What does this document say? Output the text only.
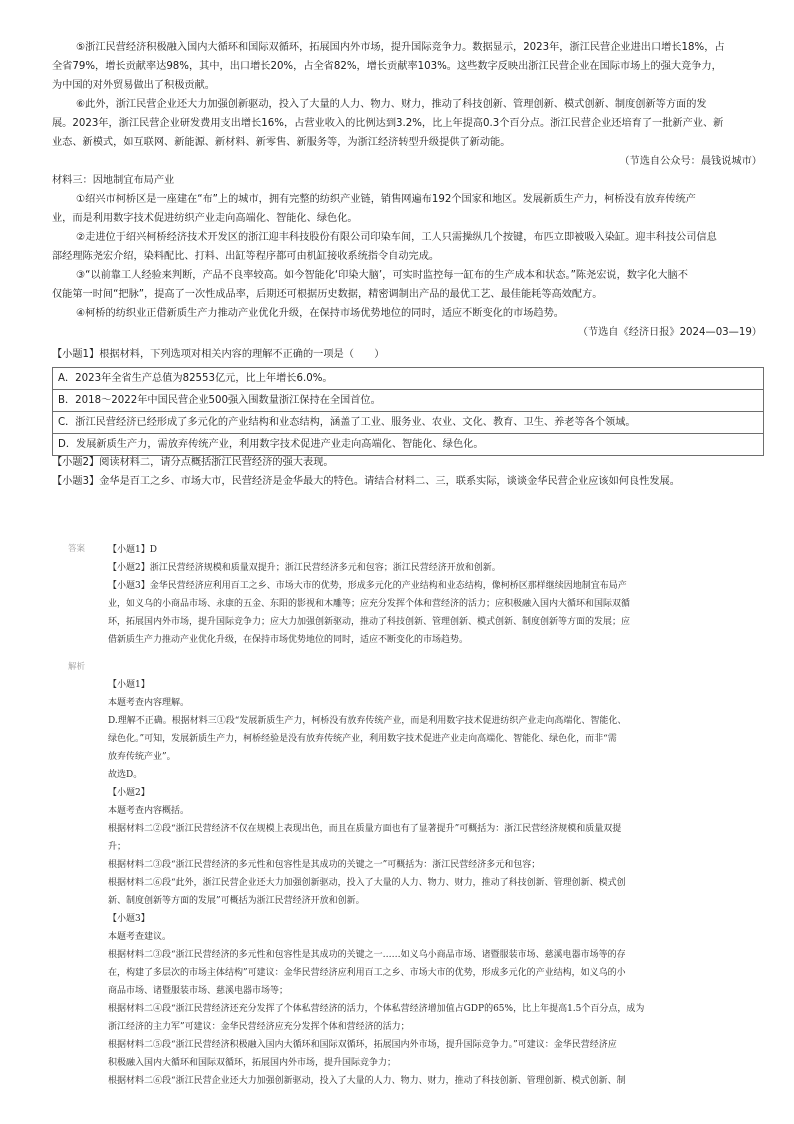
⑤浙江民营经济积极融入国内大循环和国际双循环，拓展国内外市场，提升国际竞争力。数据显示，2023年，浙江民营企业进出口增长18%，占
全省79%，增长贡献率达98%，其中，出口增长20%，占全省82%，增长贡献率103%。这些数字反映出浙江民营企业在国际市场上的强大竞争力，
为中国的对外贸易做出了积极贡献。
⑥此外，浙江民营企业还大力加强创新驱动，投入了大量的人力、物力、财力，推动了科技创新、管理创新、模式创新、制度创新等方面的发
展。2023年，浙江民营企业研发费用支出增长16%，占营业收入的比例达到3.2%，比上年提高0.3个百分点。浙江民营企业还培育了一批新产业、新
业态、新模式，如互联网、新能源、新材料、新零售、新服务等，为浙江经济转型升级提供了新动能。
（节选自公众号：晨钱说城市）
材料三：因地制宜布局产业
①绍兴市柯桥区是一座建在“布”上的城市，拥有完整的纺织产业链，销售网遍布192个国家和地区。发展新质生产力，柯桥没有放弃传统产
业，而是利用数字技术促进纺织产业走向高端化、智能化、绿色化。
②走进位于绍兴柯桥经济技术开发区的浙江迎丰科技股份有限公司印染车间，工人只需操纵几个按键，布匹立即被吸入染缸。迎丰科技公司信息
部经理陈尧宏介绍，染料配比、打料、出缸等程序都可由机缸接收系统指令自动完成。
③“以前靠工人经验来判断，产品不良率较高。如今智能化‘印染大脑’，可实时监控每一缸布的生产成本和状态。”陈尧宏说，数字化大脑不
仅能第一时间“把脉”，提高了一次性成品率，后期还可根据历史数据，精密调制出产品的最优工艺、最佳能耗等高效配方。
④柯桥的纺织业正借新质生产力推动产业优化升级，在保持市场优势地位的同时，适应不断变化的市场趋势。
（节选自《经济日报》2024—03—19）
【小题1】根据材料，下列选项对相关内容的理解不正确的一项是（　　）
A．2023年全省生产总值为82553亿元，比上年增长6.0%。
B．2018～2022年中国民营企业500强入围数量浙江保持在全国首位。
C．浙江民营经济已经形成了多元化的产业结构和业态结构，涵盖了工业、服务业、农业、文化、教育、卫生、养老等各个领域。
D．发展新质生产力，需放弃传统产业，利用数字技术促进产业走向高端化、智能化、绿色化。
【小题2】阅读材料二，请分点概括浙江民营经济的强大表现。
【小题3】金华是百工之乡、市场大市，民营经济是金华最大的特色。请结合材料二、三，联系实际，谈谈金华民营企业应该如何良性发展。
答案	【小题1】D
【小题2】浙江民营经济规模和质量双提升；浙江民营经济多元和包容；浙江民营经济开放和创新。
【小题3】金华民营经济应利用百工之乡、市场大市的优势，形成多元化的产业结构和业态结构，像柯桥区那样继续因地制宜布局产
业，如义乌的小商品市场、永康的五金、东阳的影视和木雕等；应充分发挥个体和营经济的活力；应积极融入国内大循环和国际双循
环，拓展国内外市场，提升国际竞争力；应大力加强创新驱动，推动了科技创新、管理创新、模式创新、制度创新等方面的发展；应
借新质生产力推动产业优化升级，在保持市场优势地位的同时，适应不断变化的市场趋势。
解析
【小题1】
本题考查内容理解。
D.理解不正确。根据材料三①段“发展新质生产力，柯桥没有放弃传统产业，而是利用数字技术促进纺织产业走向高端化、智能化、
绿色化。”可知，发展新质生产力，柯桥经验是没有放弃传统产业，利用数字技术促进产业走向高端化、智能化、绿色化，而非“需
放弃传统产业”。
故选D。
【小题2】
本题考查内容概括。
根据材料二②段“浙江民营经济不仅在规模上表现出色，而且在质量方面也有了显著提升”可概括为：浙江民营经济规模和质量双提
升；
根据材料二③段“浙江民营经济的多元性和包容性是其成功的关键之一”可概括为：浙江民营经济多元和包容；
根据材料二⑥段“此外，浙江民营企业还大力加强创新驱动，投入了大量的人力、物力、财力，推动了科技创新、管理创新、模式创
新、制度创新等方面的发展”可概括为浙江民营经济开放和创新。
【小题3】
本题考查建议。
根据材料二③段“浙江民营经济的多元性和包容性是其成功的关键之一……如义乌小商品市场、诸暨服装市场、慈溪电器市场等的存
在，构建了多层次的市场主体结构”可建议：金华民营经济应利用百工之乡、市场大市的优势，形成多元化的产业结构，如义乌的小
商品市场、诸暨服装市场、慈溪电器市场等；
根据材料二④段“浙江民营经济还充分发挥了个体私营经济的活力，个体私营经济增加值占GDP的65%，比上年提高1.5个百分点，成为
浙江经济的主力军”可建议：金华民营经济应充分发挥个体和营经济的活力；
根据材料二⑤段“浙江民营经济积极融入国内大循环和国际双循环，拓展国内外市场，提升国际竞争力。”可建议：金华民营经济应
积极融入国内大循环和国际双循环，拓展国内外市场，提升国际竞争力；
根据材料二⑥段“浙江民营企业还大力加强创新驱动，投入了大量的人力、物力、财力，推动了科技创新、管理创新、模式创新、制
